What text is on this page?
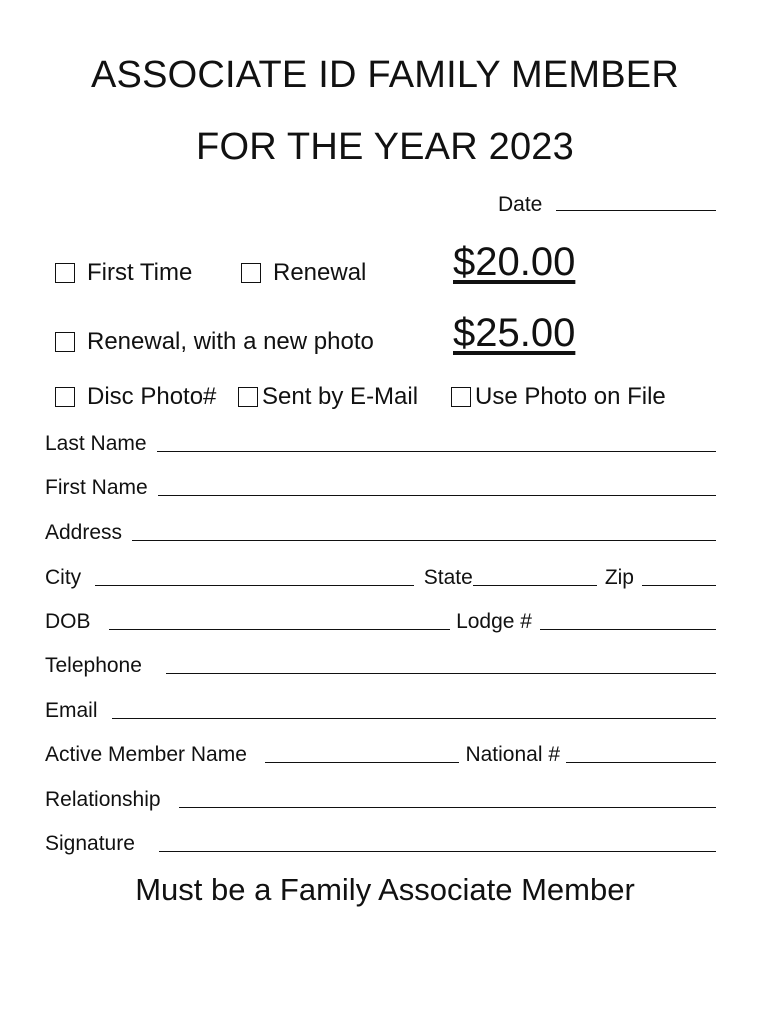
ASSOCIATE ID FAMILY MEMBER
FOR THE YEAR 2023
Date
First Time	Renewal $20.00
Renewal, with a new photo $25.00
Disc Photo# Sent by E-Mail Use Photo on File
Last Name
First Name
Address
City	State	Zip
DOB	Lodge #
Telephone
Email
Active Member Name	National #
Relationship
Signature
Must be a Family Associate Member
